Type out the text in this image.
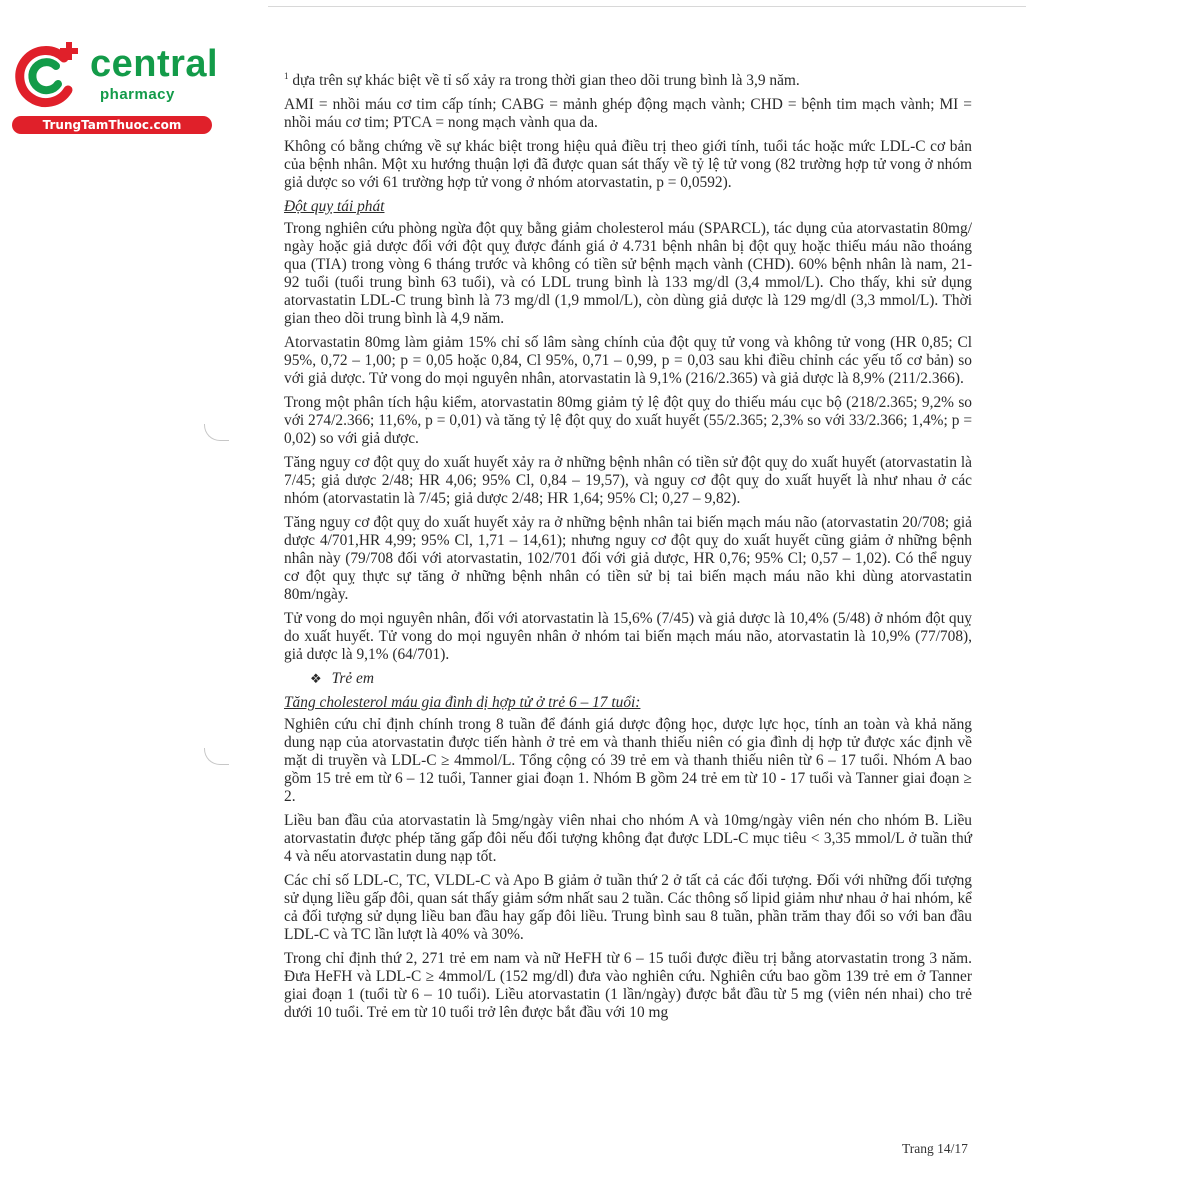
central
pharmacy
TrungTamThuoc.com

$^1$ dựa trên sự khác biệt về tỉ số xảy ra trong thời gian theo dõi trung bình là 3,9 năm.

AMI = nhồi máu cơ tim cấp tính; CABG = mảnh ghép động mạch vành; CHD = bệnh tim mạch vành; MI = nhồi máu cơ tim; PTCA = nong mạch vành qua da.

Không có bằng chứng về sự khác biệt trong hiệu quả điều trị theo giới tính, tuổi tác hoặc mức LDL-C cơ bản của bệnh nhân. Một xu hướng thuận lợi đã được quan sát thấy về tỷ lệ tử vong (82 trường hợp tử vong ở nhóm giả dược so với 61 trường hợp tử vong ở nhóm atorvastatin, p = 0,0592).

Đột quỵ tái phát

Trong nghiên cứu phòng ngừa đột quỵ bằng giảm cholesterol máu (SPARCL), tác dụng của atorvastatin 80mg/ ngày hoặc giả dược đối với đột quỵ được đánh giá ở 4.731 bệnh nhân bị đột quỵ hoặc thiếu máu não thoáng qua (TIA) trong vòng 6 tháng trước và không có tiền sử bệnh mạch vành (CHD). 60% bệnh nhân là nam, 21- 92 tuổi (tuổi trung bình 63 tuổi), và có LDL trung bình là 133 mg/dl (3,4 mmol/L). Cho thấy, khi sử dụng atorvastatin LDL-C trung bình là 73 mg/dl (1,9 mmol/L), còn dùng giả dược là 129 mg/dl (3,3 mmol/L). Thời gian theo dõi trung bình là 4,9 năm.

Atorvastatin 80mg làm giảm 15% chỉ số lâm sàng chính của đột quỵ tử vong và không tử vong (HR 0,85; Cl 95%, 0,72 – 1,00; p = 0,05 hoặc 0,84, Cl 95%, 0,71 – 0,99, p = 0,03 sau khi điều chỉnh các yếu tố cơ bản) so với giả dược. Tử vong do mọi nguyên nhân, atorvastatin là 9,1% (216/2.365) và giả dược là 8,9% (211/2.366).

Trong một phân tích hậu kiểm, atorvastatin 80mg giảm tỷ lệ đột quỵ do thiếu máu cục bộ (218/2.365; 9,2% so với 274/2.366; 11,6%, p = 0,01) và tăng tỷ lệ đột quỵ do xuất huyết (55/2.365; 2,3% so với 33/2.366; 1,4%; p = 0,02) so với giả dược.

Tăng nguy cơ đột quỵ do xuất huyết xảy ra ở những bệnh nhân có tiền sử đột quỵ do xuất huyết (atorvastatin là 7/45; giả dược 2/48; HR 4,06; 95% Cl, 0,84 – 19,57), và nguy cơ đột quỵ do xuất huyết là như nhau ở các nhóm (atorvastatin là 7/45; giả dược 2/48; HR 1,64; 95% Cl; 0,27 – 9,82).

Tăng nguy cơ đột quỵ do xuất huyết xảy ra ở những bệnh nhân tai biến mạch máu não (atorvastatin 20/708; giả dược 4/701,HR 4,99; 95% Cl, 1,71 – 14,61); nhưng nguy cơ đột quỵ do xuất huyết cũng giảm ở những bệnh nhân này (79/708 đối với atorvastatin, 102/701 đối với giả dược, HR 0,76; 95% Cl; 0,57 – 1,02). Có thể nguy cơ đột quỵ thực sự tăng ở những bệnh nhân có tiền sử bị tai biến mạch máu não khi dùng atorvastatin 80m/ngày.

Tử vong do mọi nguyên nhân, đối với atorvastatin là 15,6% (7/45) và giả dược là 10,4% (5/48) ở nhóm đột quỵ do xuất huyết. Tử vong do mọi nguyên nhân ở nhóm tai biến mạch máu não, atorvastatin là 10,9% (77/708), giả dược là 9,1% (64/701).

❖ Trẻ em
Tăng cholesterol máu gia đình dị hợp tử ở trẻ 6 – 17 tuổi:

Nghiên cứu chỉ định chính trong 8 tuần để đánh giá dược động học, dược lực học, tính an toàn và khả năng dung nạp của atorvastatin được tiến hành ở trẻ em và thanh thiếu niên có gia đình dị hợp tử được xác định về mặt di truyền và LDL-C ≥ 4mmol/L. Tổng cộng có 39 trẻ em và thanh thiếu niên từ 6 – 17 tuổi. Nhóm A bao gồm 15 trẻ em từ 6 – 12 tuổi, Tanner giai đoạn 1. Nhóm B gồm 24 trẻ em từ 10 - 17 tuổi và Tanner giai đoạn ≥ 2.

Liều ban đầu của atorvastatin là 5mg/ngày viên nhai cho nhóm A và 10mg/ngày viên nén cho nhóm B. Liều atorvastatin được phép tăng gấp đôi nếu đối tượng không đạt được LDL-C mục tiêu < 3,35 mmol/L ở tuần thứ 4 và nếu atorvastatin dung nạp tốt.

Các chỉ số LDL-C, TC, VLDL-C và Apo B giảm ở tuần thứ 2 ở tất cả các đối tượng. Đối với những đối tượng sử dụng liều gấp đôi, quan sát thấy giảm sớm nhất sau 2 tuần. Các thông số lipid giảm như nhau ở hai nhóm, kể cả đối tượng sử dụng liều ban đầu hay gấp đôi liều. Trung bình sau 8 tuần, phần trăm thay đổi so với ban đầu LDL-C và TC lần lượt là 40% và 30%.

Trong chỉ định thứ 2, 271 trẻ em nam và nữ HeFH từ 6 – 15 tuổi được điều trị bằng atorvastatin trong 3 năm. Đưa HeFH và LDL-C ≥ 4mmol/L (152 mg/dl) đưa vào nghiên cứu. Nghiên cứu bao gồm 139 trẻ em ở Tanner giai đoạn 1 (tuổi từ 6 – 10 tuổi). Liều atorvastatin (1 lần/ngày) được bắt đầu từ 5 mg (viên nén nhai) cho trẻ dưới 10 tuổi. Trẻ em từ 10 tuổi trở lên được bắt đầu với 10 mg

Trang 14/17
